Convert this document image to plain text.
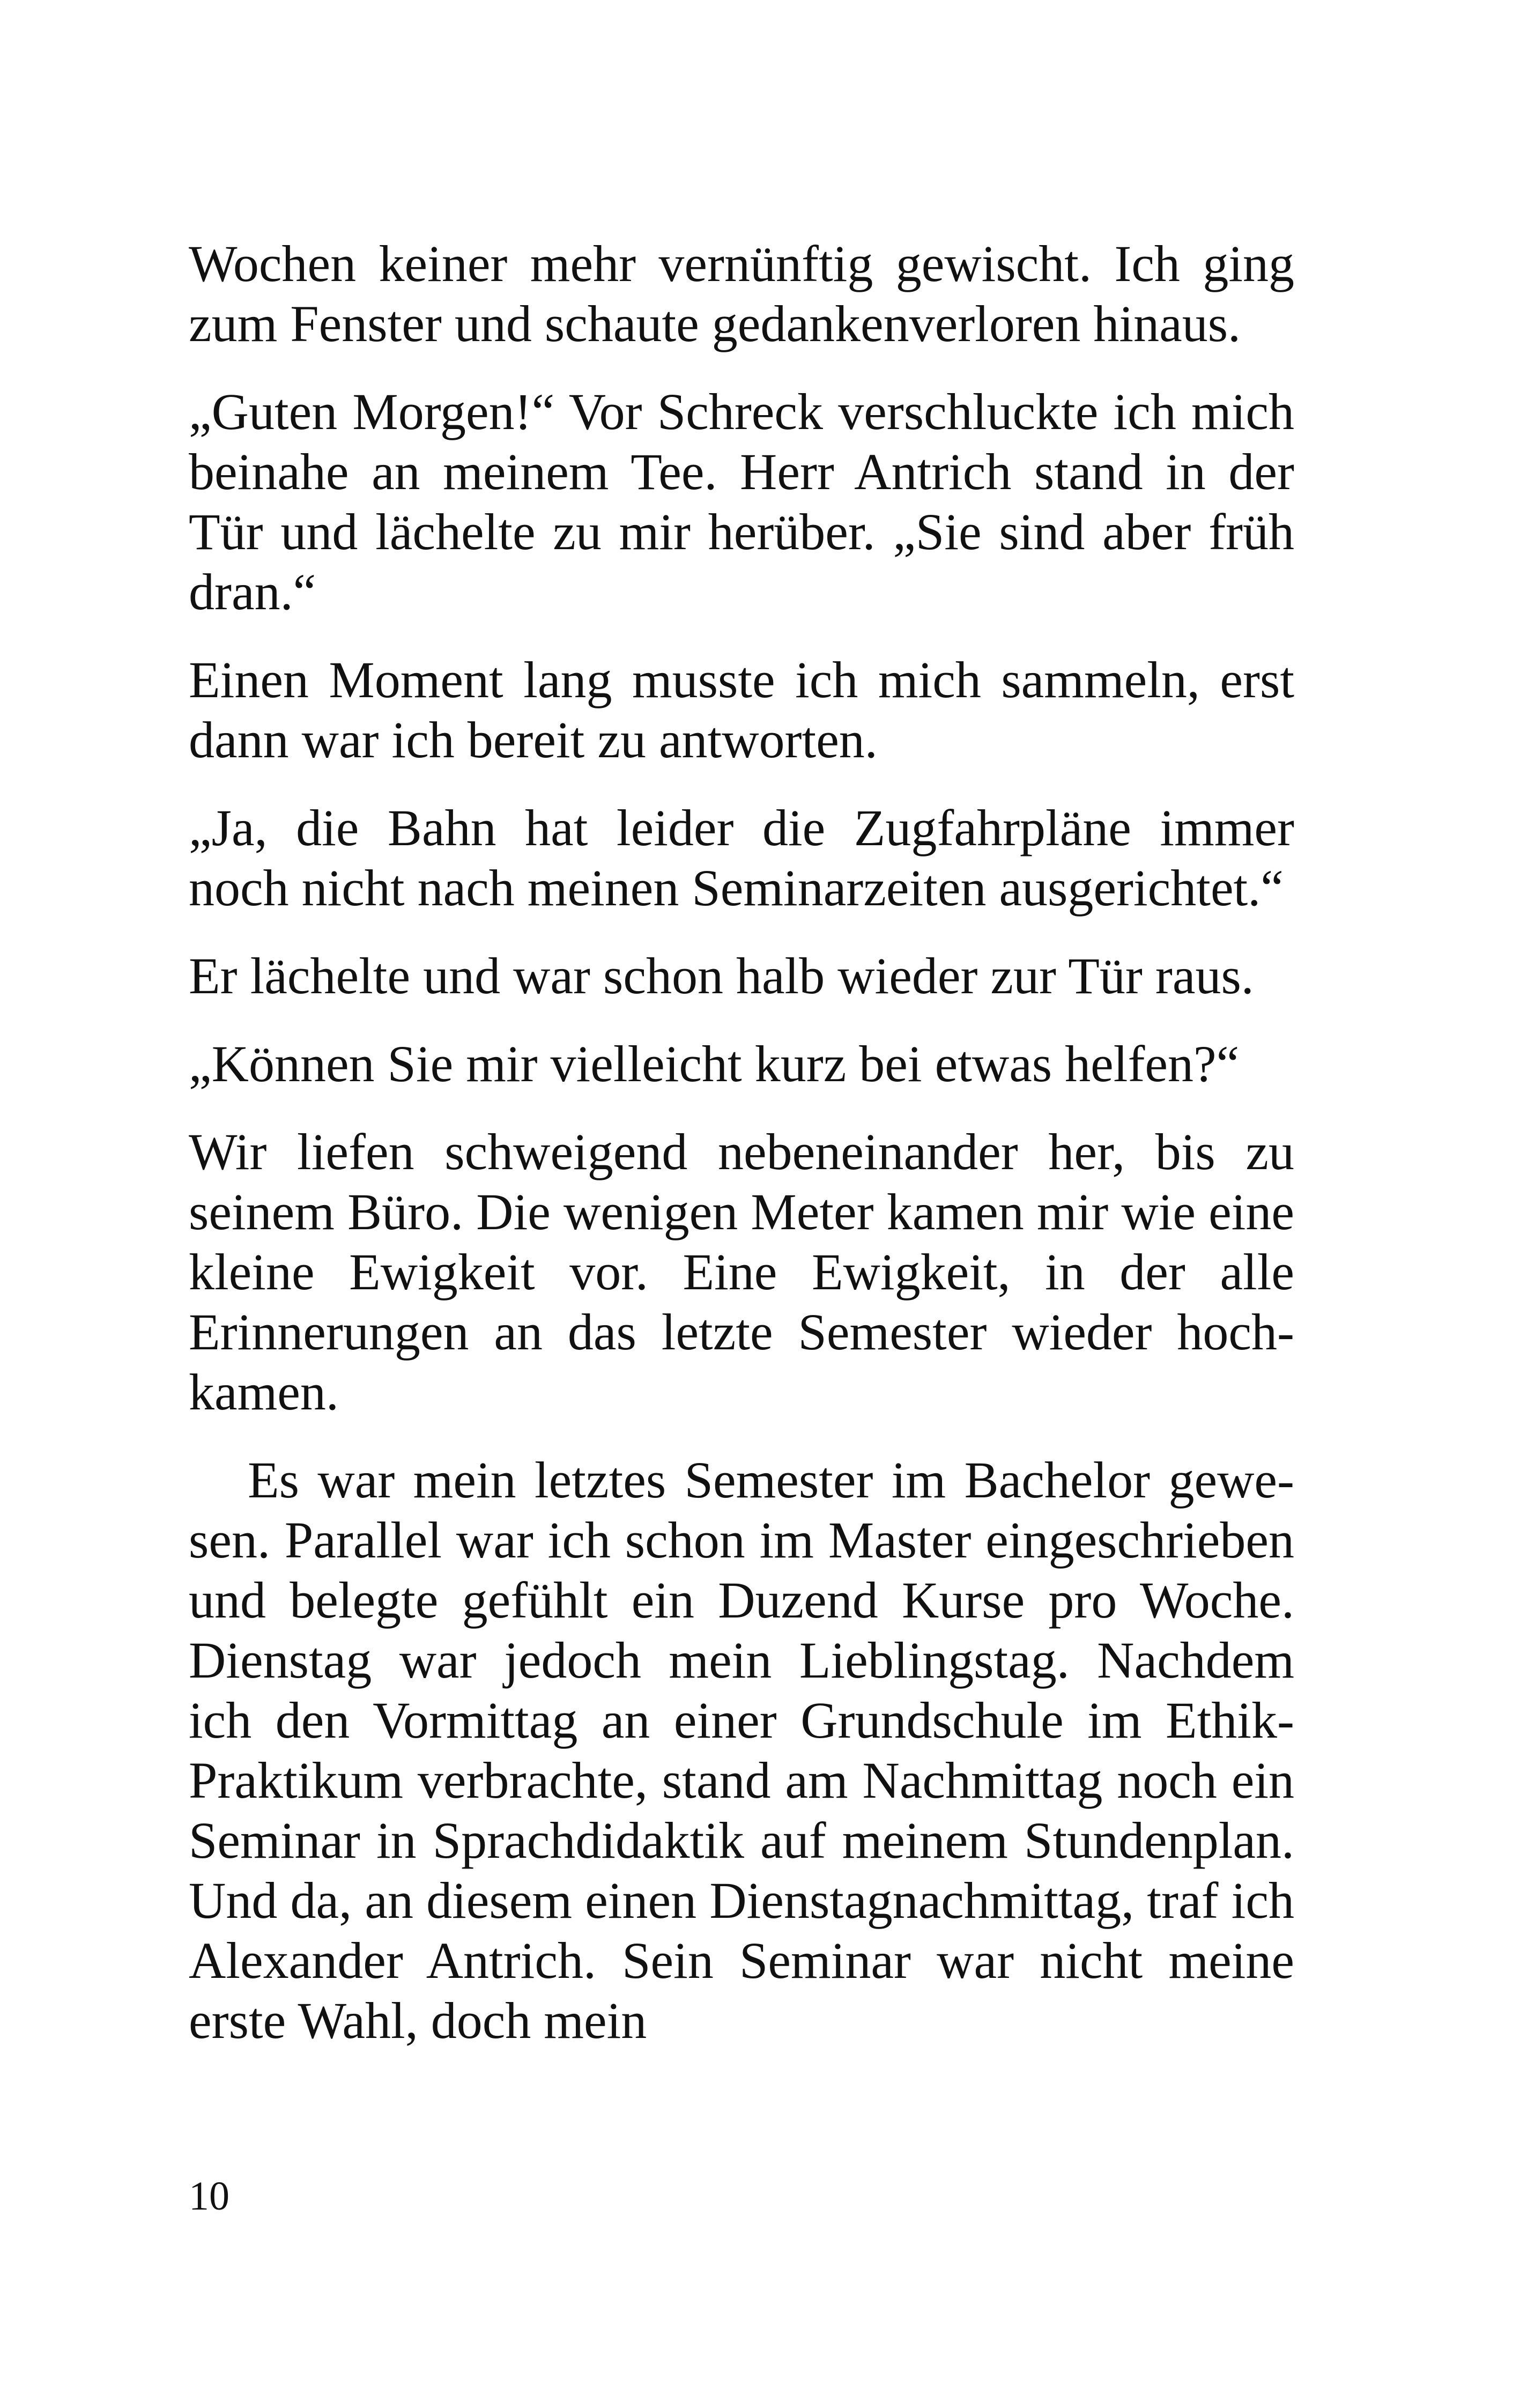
Wochen keiner mehr vernünftig gewischt. Ich ging zum Fenster und schaute gedankenverloren hinaus.

„Guten Morgen!“ Vor Schreck verschluckte ich mich beinahe an meinem Tee. Herr Antrich stand in der Tür und lächelte zu mir herüber. „Sie sind aber früh dran.“

Einen Moment lang musste ich mich sammeln, erst dann war ich bereit zu antworten.

„Ja, die Bahn hat leider die Zugfahrpläne immer noch nicht nach meinen Seminarzeiten ausgerichtet.“

Er lächelte und war schon halb wieder zur Tür raus.

„Können Sie mir vielleicht kurz bei etwas helfen?“

Wir liefen schweigend nebeneinander her, bis zu seinem Büro. Die wenigen Meter kamen mir wie eine kleine Ewigkeit vor. Eine Ewigkeit, in der alle Erinnerungen an das letzte Semester wieder hochkamen.

Es war mein letztes Semester im Bachelor gewesen. Parallel war ich schon im Master eingeschrieben und belegte gefühlt ein Duzend Kurse pro Woche. Dienstag war jedoch mein Lieblingstag. Nachdem ich den Vormittag an einer Grundschule im Ethik-Praktikum verbrachte, stand am Nachmittag noch ein Seminar in Sprachdidaktik auf meinem Stundenplan. Und da, an diesem einen Dienstagnachmittag, traf ich Alexander Antrich. Sein Seminar war nicht meine erste Wahl, doch mein

10
